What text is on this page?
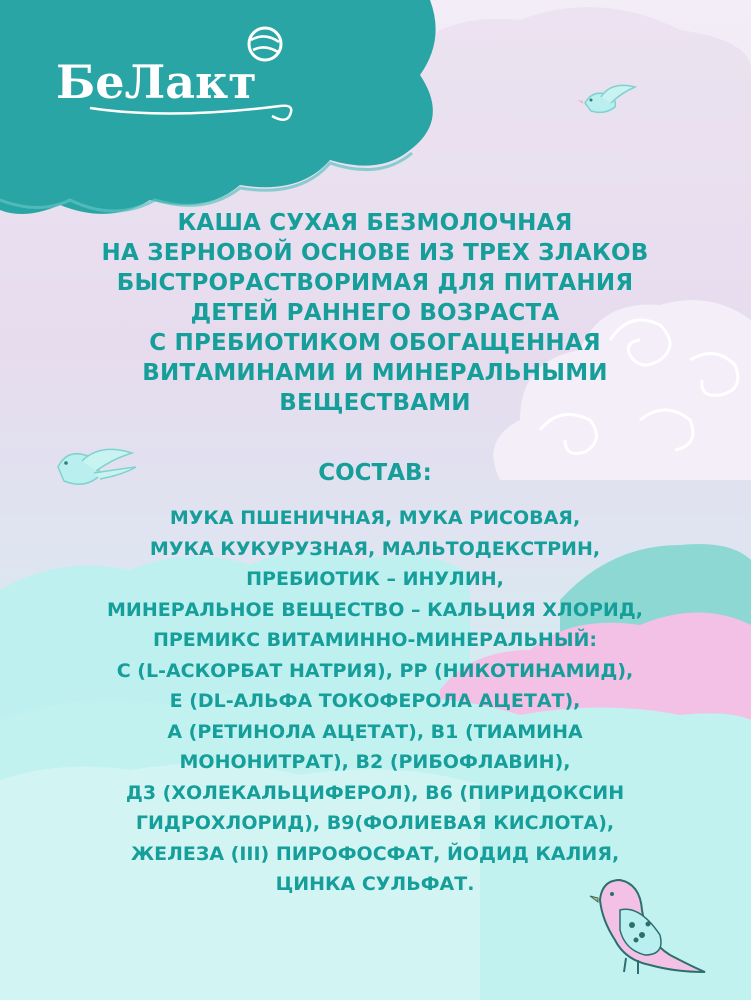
БеЛакт
КАША СУХАЯ БЕЗМОЛОЧНАЯ
НА ЗЕРНОВОЙ ОСНОВЕ ИЗ ТРЕХ ЗЛАКОВ
БЫСТРОРАСТВОРИМАЯ ДЛЯ ПИТАНИЯ
ДЕТЕЙ РАННЕГО ВОЗРАСТА
С ПРЕБИОТИКОМ ОБОГАЩЕННАЯ
ВИТАМИНАМИ И МИНЕРАЛЬНЫМИ
ВЕЩЕСТВАМИ
СОСТАВ:
МУКА ПШЕНИЧНАЯ, МУКА РИСОВАЯ,
МУКА КУКУРУЗНАЯ, МАЛЬТОДЕКСТРИН,
ПРЕБИОТИК – ИНУЛИН,
МИНЕРАЛЬНОЕ ВЕЩЕСТВО – КАЛЬЦИЯ ХЛОРИД,
ПРЕМИКС ВИТАМИННО-МИНЕРАЛЬНЫЙ:
С (L-АСКОРБАТ НАТРИЯ), РР (НИКОТИНАМИД),
Е (DL-АЛЬФА ТОКОФЕРОЛА АЦЕТАТ),
А (РЕТИНОЛА АЦЕТАТ), В1 (ТИАМИНА
МОНОНИТРАТ), В2 (РИБОФЛАВИН),
Д3 (ХОЛЕКАЛЬЦИФЕРОЛ), В6 (ПИРИДОКСИН
ГИДРОХЛОРИД), В9(ФОЛИЕВАЯ КИСЛОТА),
ЖЕЛЕЗА (III) ПИРОФОСФАТ, ЙОДИД КАЛИЯ,
ЦИНКА СУЛЬФАТ.
